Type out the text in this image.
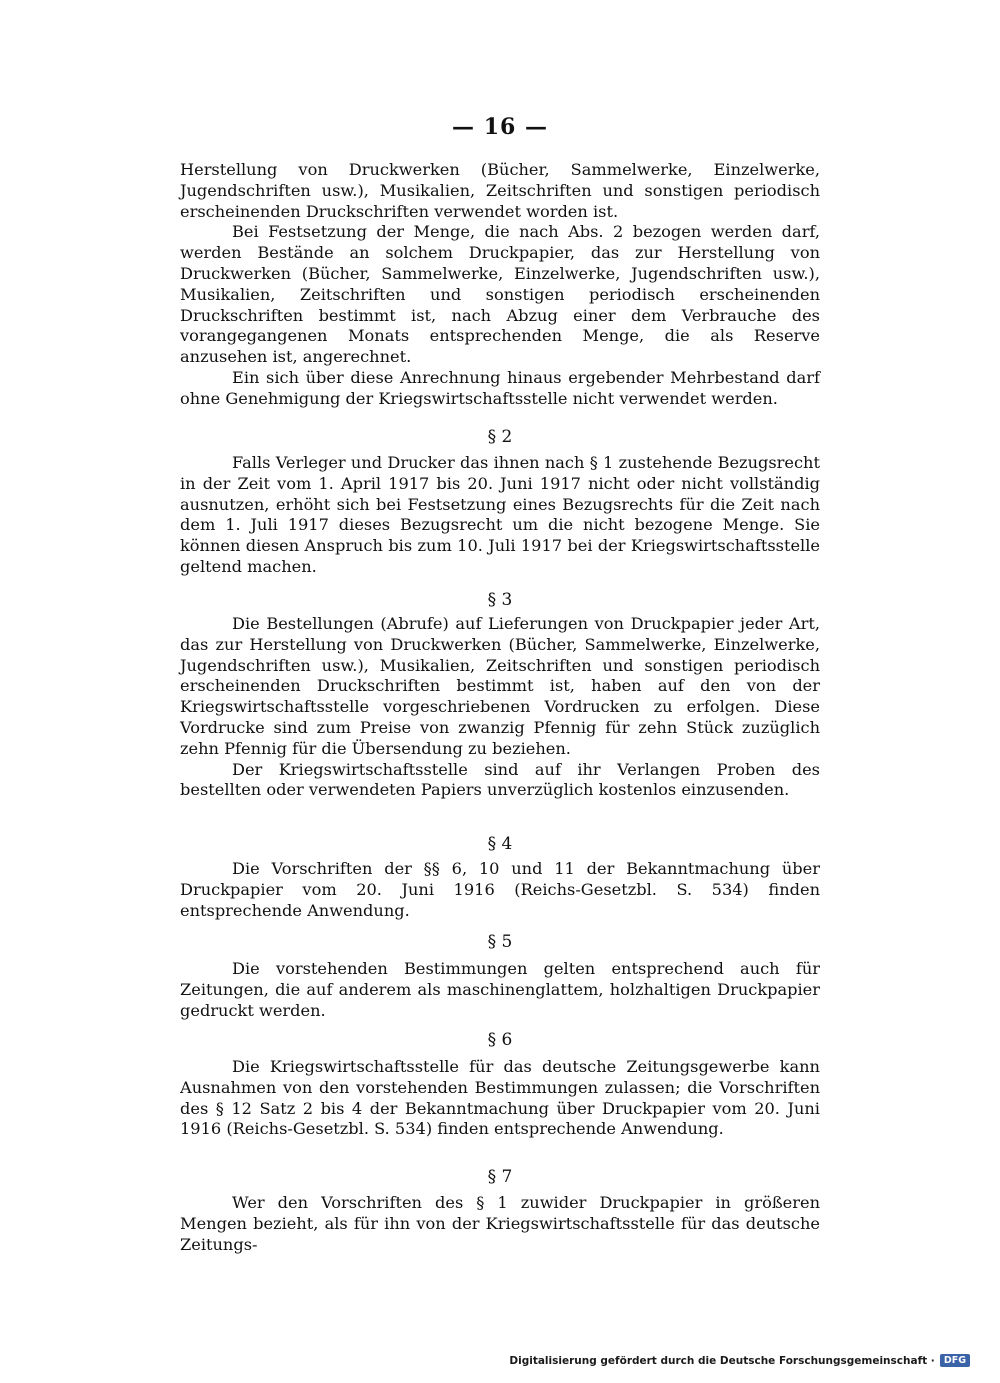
— 16 —

Herstellung von Druckwerken (Bücher, Sammelwerke, Einzelwerke, Jugendschriften usw.), Musikalien, Zeitschriften und sonstigen periodisch erscheinenden Druckschriften verwendet worden ist.

Bei Festsetzung der Menge, die nach Abs. 2 bezogen werden darf, werden Bestände an solchem Druckpapier, das zur Herstellung von Druckwerken (Bücher, Sammelwerke, Einzelwerke, Jugendschriften usw.), Musikalien, Zeitschriften und sonstigen periodisch erscheinenden Druckschriften bestimmt ist, nach Abzug einer dem Verbrauche des vorangegangenen Monats entsprechenden Menge, die als Reserve anzusehen ist, angerechnet.

Ein sich über diese Anrechnung hinaus ergebender Mehrbestand darf ohne Genehmigung der Kriegswirtschaftsstelle nicht verwendet werden.

§ 2

Falls Verleger und Drucker das ihnen nach § 1 zustehende Bezugsrecht in der Zeit vom 1. April 1917 bis 20. Juni 1917 nicht oder nicht vollständig ausnutzen, erhöht sich bei Festsetzung eines Bezugsrechts für die Zeit nach dem 1. Juli 1917 dieses Bezugsrecht um die nicht bezogene Menge. Sie können diesen Anspruch bis zum 10. Juli 1917 bei der Kriegswirtschaftsstelle geltend machen.

§ 3

Die Bestellungen (Abrufe) auf Lieferungen von Druckpapier jeder Art, das zur Herstellung von Druckwerken (Bücher, Sammelwerke, Einzelwerke, Jugendschriften usw.), Musikalien, Zeitschriften und sonstigen periodisch erscheinenden Druckschriften bestimmt ist, haben auf den von der Kriegswirtschaftsstelle vorgeschriebenen Vordrucken zu erfolgen. Diese Vordrucke sind zum Preise von zwanzig Pfennig für zehn Stück zuzüglich zehn Pfennig für die Übersendung zu beziehen.

Der Kriegswirtschaftsstelle sind auf ihr Verlangen Proben des bestellten oder verwendeten Papiers unverzüglich kostenlos einzusenden.

§ 4

Die Vorschriften der §§ 6, 10 und 11 der Bekanntmachung über Druckpapier vom 20. Juni 1916 (Reichs-Gesetzbl. S. 534) finden entsprechende Anwendung.

§ 5

Die vorstehenden Bestimmungen gelten entsprechend auch für Zeitungen, die auf anderem als maschinenglattem, holzhaltigen Druckpapier gedruckt werden.

§ 6

Die Kriegswirtschaftsstelle für das deutsche Zeitungsgewerbe kann Ausnahmen von den vorstehenden Bestimmungen zulassen; die Vorschriften des § 12 Satz 2 bis 4 der Bekanntmachung über Druckpapier vom 20. Juni 1916 (Reichs-Gesetzbl. S. 534) finden entsprechende Anwendung.

§ 7

Wer den Vorschriften des § 1 zuwider Druckpapier in größeren Mengen bezieht, als für ihn von der Kriegswirtschaftsstelle für das deutsche Zeitungs-

Digitalisierung gefördert durch die Deutsche Forschungsgemeinschaft · DFG
